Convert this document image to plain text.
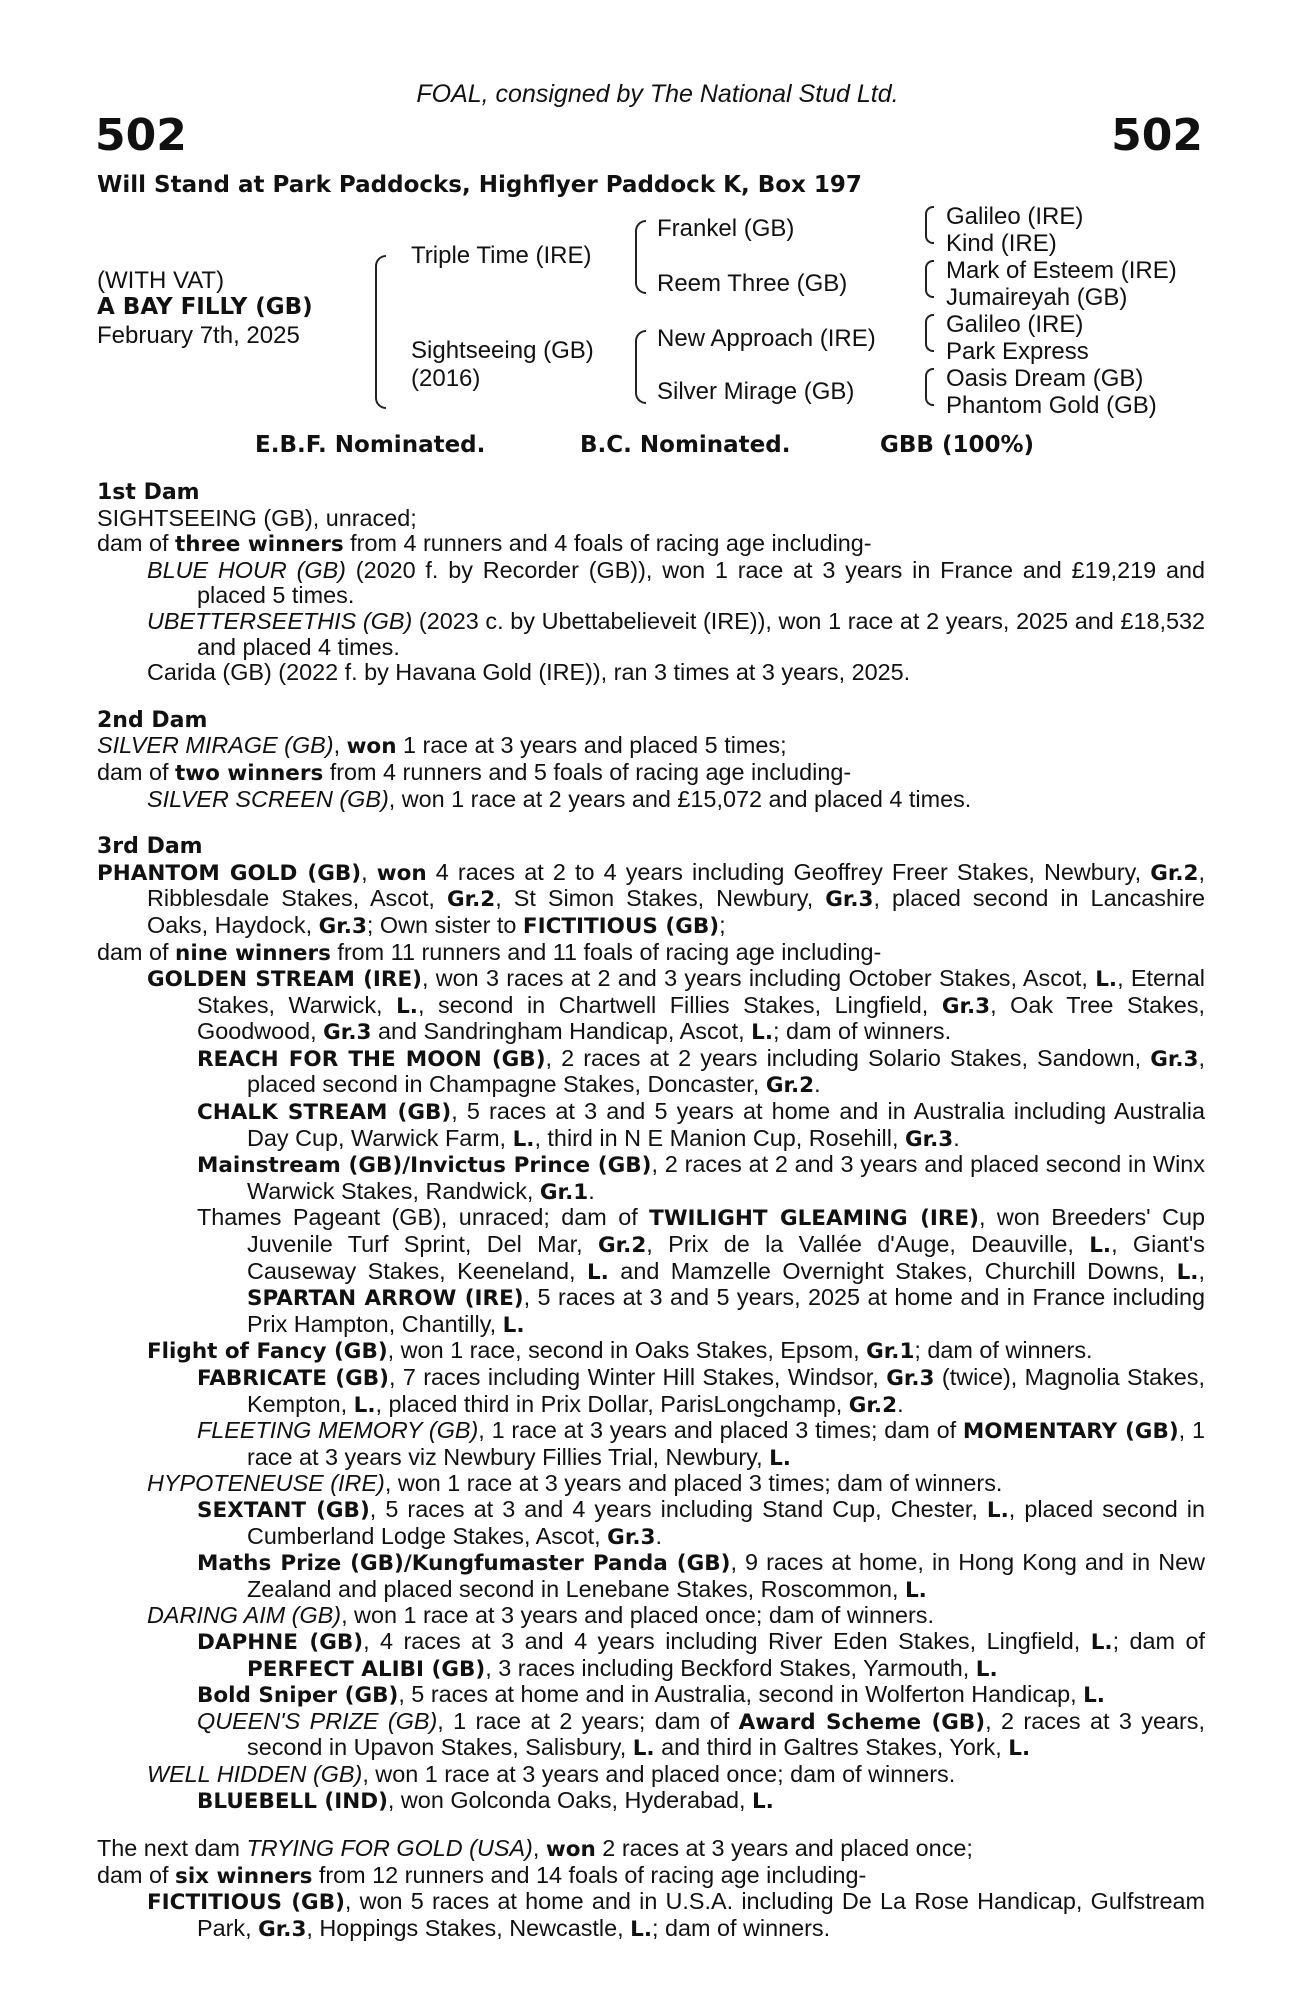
FOAL, consigned by The National Stud Ltd.
502	502
Will Stand at Park Paddocks, Highflyer Paddock K, Box 197
(WITH VAT)
A BAY FILLY (GB)
February 7th, 2025
Triple Time (IRE)
Sightseeing (GB)
(2016)
Frankel (GB)
Reem Three (GB)
New Approach (IRE)
Silver Mirage (GB)
Galileo (IRE)
Kind (IRE)
Mark of Esteem (IRE)
Jumaireyah (GB)
Galileo (IRE)
Park Express
Oasis Dream (GB)
Phantom Gold (GB)
E.B.F. Nominated.	B.C. Nominated.	GBB (100%)
1st Dam
SIGHTSEEING (GB), unraced;
dam of three winners from 4 runners and 4 foals of racing age including-
BLUE HOUR (GB) (2020 f. by Recorder (GB)), won 1 race at 3 years in France and £19,219 and placed 5 times.
UBETTERSEETHIS (GB) (2023 c. by Ubettabelieveit (IRE)), won 1 race at 2 years, 2025 and £18,532 and placed 4 times.
Carida (GB) (2022 f. by Havana Gold (IRE)), ran 3 times at 3 years, 2025.
2nd Dam
SILVER MIRAGE (GB), won 1 race at 3 years and placed 5 times;
dam of two winners from 4 runners and 5 foals of racing age including-
SILVER SCREEN (GB), won 1 race at 2 years and £15,072 and placed 4 times.
3rd Dam
PHANTOM GOLD (GB), won 4 races at 2 to 4 years including Geoffrey Freer Stakes, Newbury, Gr.2, Ribblesdale Stakes, Ascot, Gr.2, St Simon Stakes, Newbury, Gr.3, placed second in Lancashire Oaks, Haydock, Gr.3; Own sister to FICTITIOUS (GB);
dam of nine winners from 11 runners and 11 foals of racing age including-
GOLDEN STREAM (IRE), won 3 races at 2 and 3 years including October Stakes, Ascot, L., Eternal Stakes, Warwick, L., second in Chartwell Fillies Stakes, Lingfield, Gr.3, Oak Tree Stakes, Goodwood, Gr.3 and Sandringham Handicap, Ascot, L.; dam of winners.
REACH FOR THE MOON (GB), 2 races at 2 years including Solario Stakes, Sandown, Gr.3, placed second in Champagne Stakes, Doncaster, Gr.2.
CHALK STREAM (GB), 5 races at 3 and 5 years at home and in Australia including Australia Day Cup, Warwick Farm, L., third in N E Manion Cup, Rosehill, Gr.3.
Mainstream (GB)/Invictus Prince (GB), 2 races at 2 and 3 years and placed second in Winx Warwick Stakes, Randwick, Gr.1.
Thames Pageant (GB), unraced; dam of TWILIGHT GLEAMING (IRE), won Breeders' Cup Juvenile Turf Sprint, Del Mar, Gr.2, Prix de la Vallée d'Auge, Deauville, L., Giant's Causeway Stakes, Keeneland, L. and Mamzelle Overnight Stakes, Churchill Downs, L., SPARTAN ARROW (IRE), 5 races at 3 and 5 years, 2025 at home and in France including Prix Hampton, Chantilly, L.
Flight of Fancy (GB), won 1 race, second in Oaks Stakes, Epsom, Gr.1; dam of winners.
FABRICATE (GB), 7 races including Winter Hill Stakes, Windsor, Gr.3 (twice), Magnolia Stakes, Kempton, L., placed third in Prix Dollar, ParisLongchamp, Gr.2.
FLEETING MEMORY (GB), 1 race at 3 years and placed 3 times; dam of MOMENTARY (GB), 1 race at 3 years viz Newbury Fillies Trial, Newbury, L.
HYPOTENEUSE (IRE), won 1 race at 3 years and placed 3 times; dam of winners.
SEXTANT (GB), 5 races at 3 and 4 years including Stand Cup, Chester, L., placed second in Cumberland Lodge Stakes, Ascot, Gr.3.
Maths Prize (GB)/Kungfumaster Panda (GB), 9 races at home, in Hong Kong and in New Zealand and placed second in Lenebane Stakes, Roscommon, L.
DARING AIM (GB), won 1 race at 3 years and placed once; dam of winners.
DAPHNE (GB), 4 races at 3 and 4 years including River Eden Stakes, Lingfield, L.; dam of PERFECT ALIBI (GB), 3 races including Beckford Stakes, Yarmouth, L.
Bold Sniper (GB), 5 races at home and in Australia, second in Wolferton Handicap, L.
QUEEN'S PRIZE (GB), 1 race at 2 years; dam of Award Scheme (GB), 2 races at 3 years, second in Upavon Stakes, Salisbury, L. and third in Galtres Stakes, York, L.
WELL HIDDEN (GB), won 1 race at 3 years and placed once; dam of winners.
BLUEBELL (IND), won Golconda Oaks, Hyderabad, L.
The next dam TRYING FOR GOLD (USA), won 2 races at 3 years and placed once;
dam of six winners from 12 runners and 14 foals of racing age including-
FICTITIOUS (GB), won 5 races at home and in U.S.A. including De La Rose Handicap, Gulfstream Park, Gr.3, Hoppings Stakes, Newcastle, L.; dam of winners.
